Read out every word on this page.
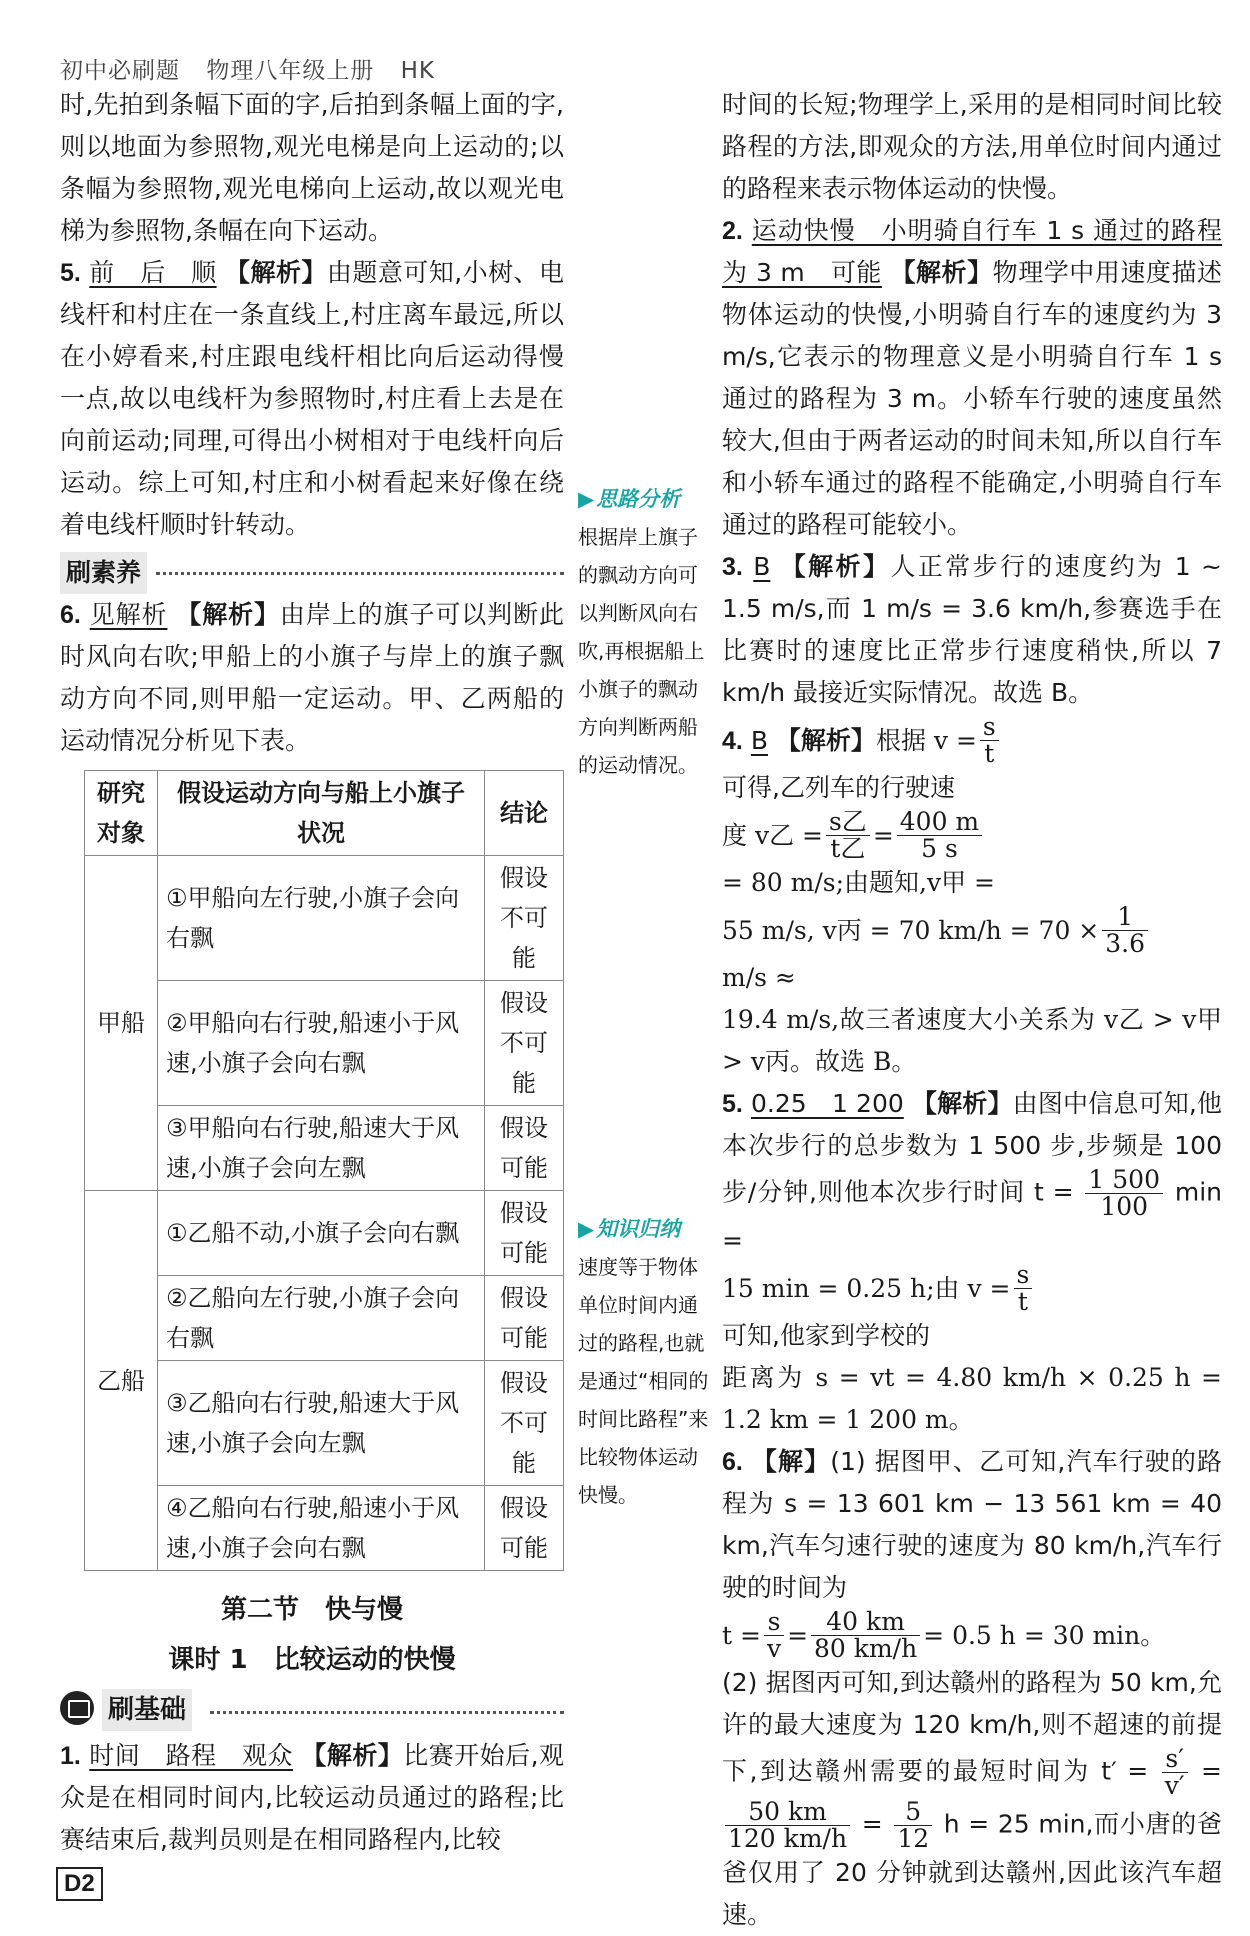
初中必刷题 物理八年级上册 HK

时,先拍到条幅下面的字,后拍到条幅上面的字,则以地面为参照物,观光电梯是向上运动的;以条幅为参照物,观光电梯向上运动,故以观光电梯为参照物,条幅在向下运动。

5. 前　后　顺 【解析】由题意可知,小树、电线杆和村庄在一条直线上,村庄离车最远,所以在小婷看来,村庄跟电线杆相比向后运动得慢一点,故以电线杆为参照物时,村庄看上去是在向前运动;同理,可得出小树相对于电线杆向后运动。综上可知,村庄和小树看起来好像在绕着电线杆顺时针转动。

刷素养

6. 见解析 【解析】由岸上的旗子可以判断此时风向右吹;甲船上的小旗子与岸上的旗子飘动方向不同,则甲船一定运动。甲、乙两船的运动情况分析见下表。

研究对象	假设运动方向与船上小旗子状况	结论
甲船	①甲船向左行驶,小旗子会向右飘	假设不可能
	②甲船向右行驶,船速小于风速,小旗子会向右飘	假设不可能
	③甲船向右行驶,船速大于风速,小旗子会向左飘	假设可能
乙船	①乙船不动,小旗子会向右飘	假设可能
	②乙船向左行驶,小旗子会向右飘	假设可能
	③乙船向右行驶,船速大于风速,小旗子会向左飘	假设不可能
	④乙船向右行驶,船速小于风速,小旗子会向右飘	假设可能
第二节　快与慢
课时 1　比较运动的快慢
刷基础

1. 时间　路程　观众 【解析】比赛开始后,观众是在相同时间内,比较运动员通过的路程;比赛结束后,裁判员则是在相同路程内,比较

▶ 思路分析
根据岸上旗子的飘动方向可以判断风向右吹,再根据船上小旗子的飘动方向判断两船的运动情况。
▶ 知识归纳
速度等于物体单位时间内通过的路程,也就是通过“相同的时间比路程”来比较物体运动快慢。

时间的长短;物理学上,采用的是相同时间比较路程的方法,即观众的方法,用单位时间内通过的路程来表示物体运动的快慢。

2. 运动快慢　小明骑自行车 1 s 通过的路程为 3 m　可能 【解析】物理学中用速度描述物体运动的快慢,小明骑自行车的速度约为 3 m/s,它表示的物理意义是小明骑自行车 1 s 通过的路程为 3 m。小轿车行驶的速度虽然较大,但由于两者运动的时间未知,所以自行车和小轿车通过的路程不能确定,小明骑自行车通过的路程可能较小。

3. B 【解析】人正常步行的速度约为 1 ~ 1.5 m/s,而 1 m/s = 3.6 km/h,参赛选手在比赛时的速度比正常步行速度稍快,所以 7 km/h 最接近实际情况。故选 B。

4.
B
【解析】 根据 $v = \frac{s}{t}$
可得,乙列车的行驶速
度 v乙 = $\frac{\text{s乙}}{\text{t乙}} = \frac{400 m}{5 s}$
= 80 m/s;由题知,v甲 =
55 m/s, v丙 = 70 $km/h = 70 \times \frac{1}{3.6}$
m/s ≈

19.4 m/s,故三者速度大小关系为 v乙 > v甲 > v丙。故选 B。

5. 0.25　1 200 【解析】由图中信息可知,他本次步行的总步数为 1 500 步,步频是 100 步/分钟,则他本次步行时间 $t = \frac{1 500}{100}$ min =

15 min = 0.25 h;由 $v = \frac{s}{t}$
可知,他家到学校的

距离为 s = vt = 4.80 km/h × 0.25 h = 1.2 km = 1 200 m。

6. 【解】(1) 据图甲、乙可知,汽车行驶的路程为 s = 13 601 km − 13 561 km = 40 km,汽车匀速行驶的速度为 80 km/h,汽车行驶的时间为

$t = \frac{s}{v} = \frac{40 km}{80 km/h} = 0.5$ h = 30 min。

(2) 据图丙可知,到达赣州的路程为 50 km,允许的最大速度为 120 km/h,则不超速的前提下,到达赣州需要的最短时间为 $t' = \frac{s'}{v'}$ =
$\frac{50 km}{120 km/h} = \frac{5}{12}$ h = 25 min,而小唐的爸爸仅用了 20 分钟就到达赣州,因此该汽车超速。

D2
